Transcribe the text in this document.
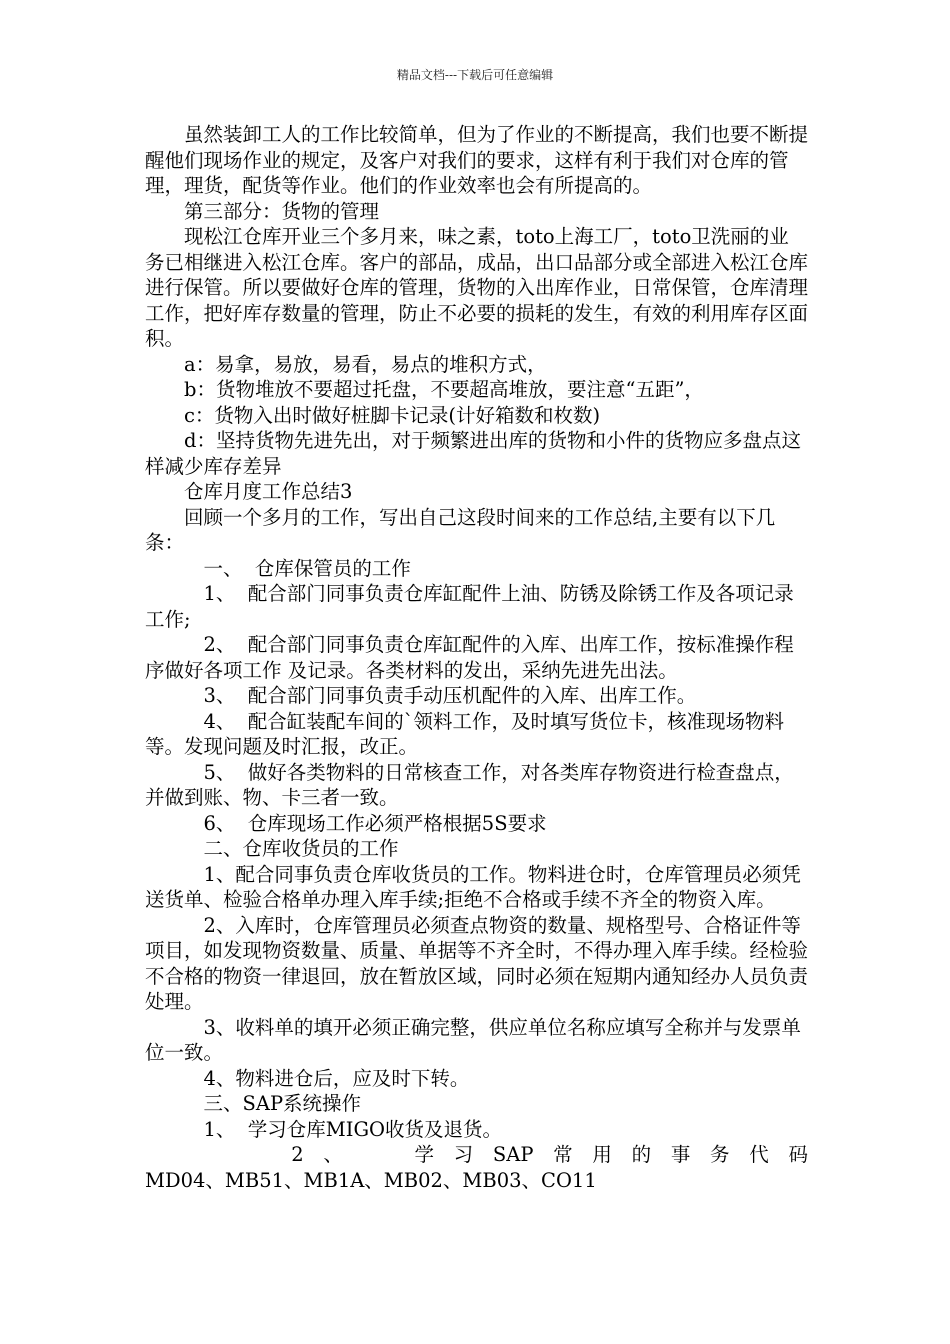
精品文档---下载后可任意编辑

虽然装卸工人的工作比较简单，但为了作业的不断提高，我们也要不断提醒他们现场作业的规定，及客户对我们的要求，这样有利于我们对仓库的管理，理货，配货等作业。他们的作业效率也会有所提高的。

第三部分：货物的管理

现松江仓库开业三个多月来，味之素，toto上海工厂，toto卫洗丽的业务已相继进入松江仓库。客户的部品，成品，出口品部分或全部进入松江仓库进行保管。所以要做好仓库的管理，货物的入出库作业，日常保管，仓库清理工作，把好库存数量的管理，防止不必要的损耗的发生，有效的利用库存区面积。

a：易拿，易放，易看，易点的堆积方式，

b：货物堆放不要超过托盘，不要超高堆放，要注意“五距”，

c：货物入出时做好桩脚卡记录(计好箱数和枚数)

d：坚持货物先进先出，对于频繁进出库的货物和小件的货物应多盘点这样减少库存差异

仓库月度工作总结3

回顾一个多月的工作，写出自己这段时间来的工作总结,主要有以下几条：

一、  仓库保管员的工作

1、  配合部门同事负责仓库缸配件上油、防锈及除锈工作及各项记录工作;

2、  配合部门同事负责仓库缸配件的入库、出库工作，按标准操作程序做好各项工作 及记录。各类材料的发出，采纳先进先出法。

3、  配合部门同事负责手动压机配件的入库、出库工作。

4、  配合缸装配车间的`领料工作，及时填写货位卡，核准现场物料等。发现问题及时汇报，改正。

5、  做好各类物料的日常核查工作，对各类库存物资进行检查盘点，并做到账、物、卡三者一致。

6、  仓库现场工作必须严格根据5S要求

二、仓库收货员的工作

1、配合同事负责仓库收货员的工作。物料进仓时，仓库管理员必须凭送货单、检验合格单办理入库手续;拒绝不合格或手续不齐全的物资入库。

2、入库时，仓库管理员必须查点物资的数量、规格型号、合格证件等项目，如发现物资数量、质量、单据等不齐全时，不得办理入库手续。经检验不合格的物资一律退回，放在暂放区域，同时必须在短期内通知经办人员负责处理。

3、收料单的填开必须正确完整，供应单位名称应填写全称并与发票单位一致。

4、物料进仓后，应及时下转。

三、SAP系统操作

1、  学习仓库MIGO收货及退货。

2、  学习SAP常用的事务代码

MD04、MB51、MB1A、MB02、MB03、CO11
